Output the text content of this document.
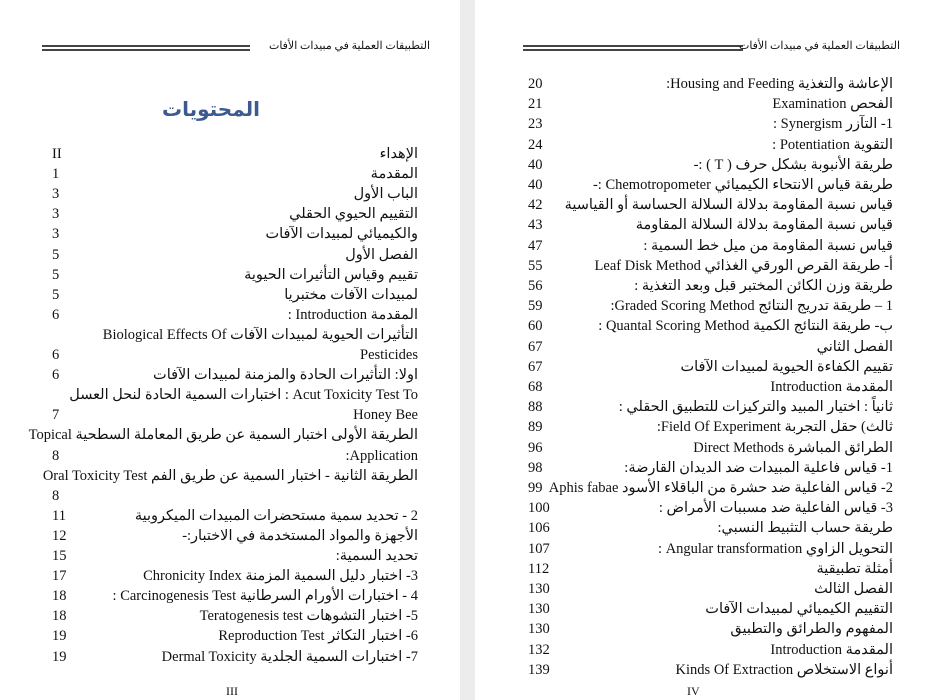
التطبيقات العملية في مبيدات الأفات
المحتويات
II	الإهداء
1	المقدمة
3	الباب الأول
3	التقييم الحيوي الحقلي
3	والكيميائي لمبيدات الآفات
5	الفصل الأول
5	تقييم وقياس التأثيرات الحيوية
5	لمبيدات الآفات مختبريا
6	المقدمة Introduction :
التأثيرات الحيوية لمبيدات الآفات Biological Effects Of
6	Pesticides
6	اولا: التأثيرات الحادة والمزمنة لمبيدات الآفات
Acut Toxicity Test To : اختبارات السمية الحادة لنحل العسل
7	Honey Bee
الطريقة الأولى اختبار السمية عن طريق المعاملة السطحية Topical
8	Application:
الطريقة الثانية - اختبار السمية عن طريق الفم Oral Toxicity Test
8
11	2 - تحديد سمية مستحضرات المبيدات الميكروبية
12	الأجهزة والمواد المستخدمة في الاختبار:-
15	تحديد السمية:
17	3- اختبار دليل السمية المزمنة Chronicity Index
18	4 - اختبارات الأورام السرطانية Carcinogenesis Test :
18	5- اختبار التشوهات Teratogenesis test
19	6- اختبار التكاثر Reproduction Test
19	7- اختبارات السمية الجلدية Dermal Toxicity
III
التطبيقات العملية في مبيدات الأفات
20	الإعاشة والتغذية Housing and Feeding:
21	الفحص Examination
23	1- التآزر Synergism :
24	التقوية Potentiation :
40	طريقة الأنبوبة بشكل حرف ( T ) :-
40	طريقة قياس الانتحاء الكيميائي Chemotropometer :-
42 قياس نسبة المقاومة بدلالة السلالة الحساسة أو القياسية
43	قياس نسبة المقاومة بدلالة السلالة المقاومة
47	قياس نسبة المقاومة من ميل خط السمية :
55	أ- طريقة القرص الورقي الغذائي Leaf Disk Method
56	طريقة وزن الكائن المختبر قبل وبعد التغذية :
59	1 – طريقة تدريج النتائج Graded Scoring Method:
60	ب- طريقة النتائج الكمية Quantal Scoring Method :
67	الفصل الثاني
67	تقييم الكفاءة الحيوية لمبيدات الآفات
68	المقدمة Introduction
88	ثانياً : اختيار المبيد والتركيزات للتطبيق الحقلي :
89	ثالث) حقل التجربة Field Of Experiment:
96	الطرائق المباشرة Direct Methods
98	1- قياس فاعلية المبيدات ضد الديدان القارضة:
99 2- قياس الفاعلية ضد حشرة من الباقلاء الأسود Aphis fabae
100	3- قياس الفاعلية ضد مسببات الأمراض :
106	طريقة حساب التثبيط النسبي:
107	التحويل الزاوي Angular transformation :
112	أمثلة تطبيقية
130	الفصل الثالث
130	التقييم الكيميائي لمبيدات الآفات
130	المفهوم والطرائق والتطبيق
132	المقدمة Introduction
139	أنواع الاستخلاص Kinds Of Extraction
IV
